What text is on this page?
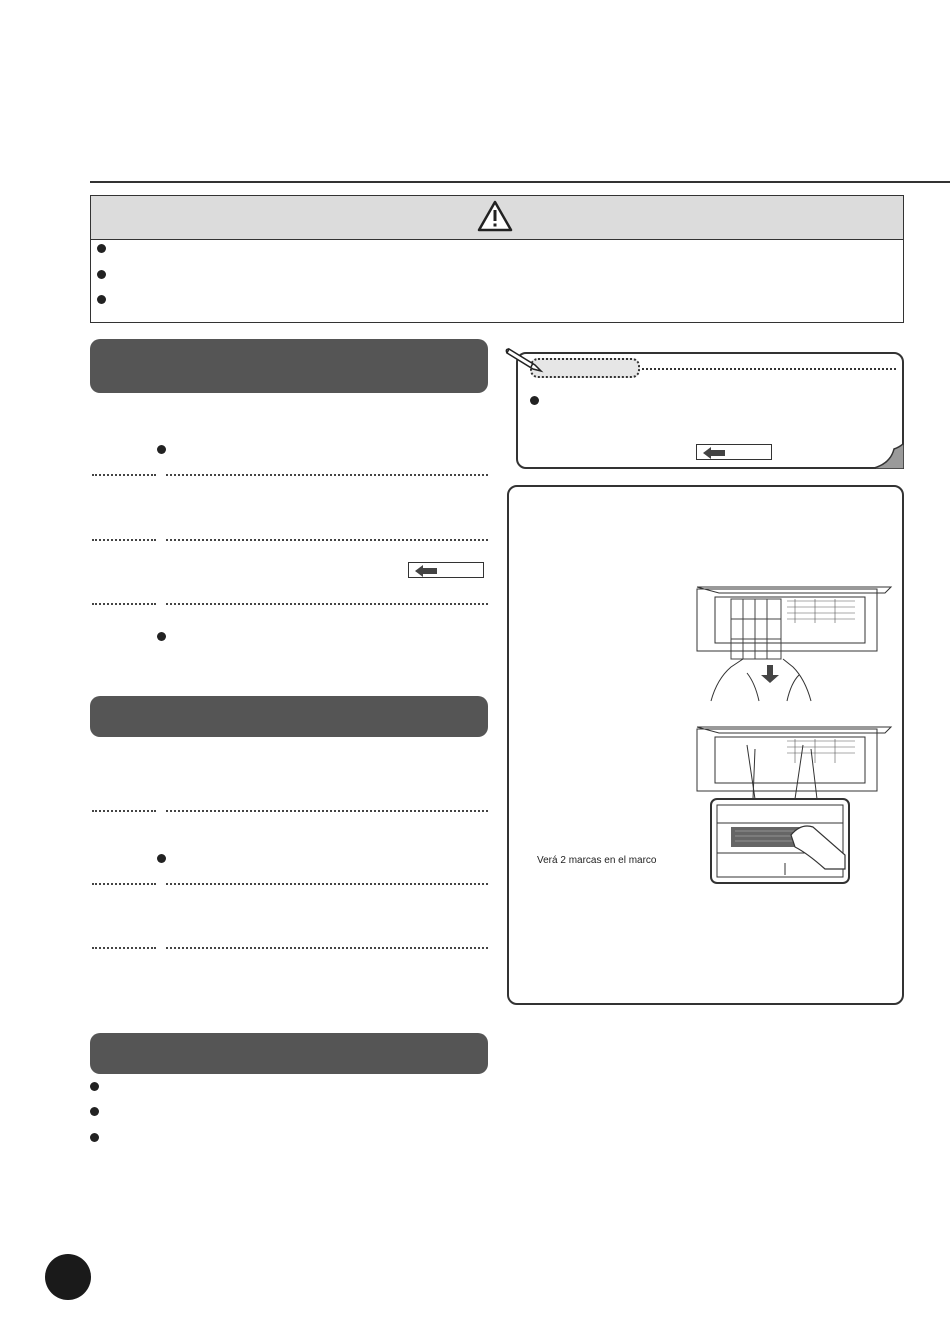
Verá 2 marcas en el marco
